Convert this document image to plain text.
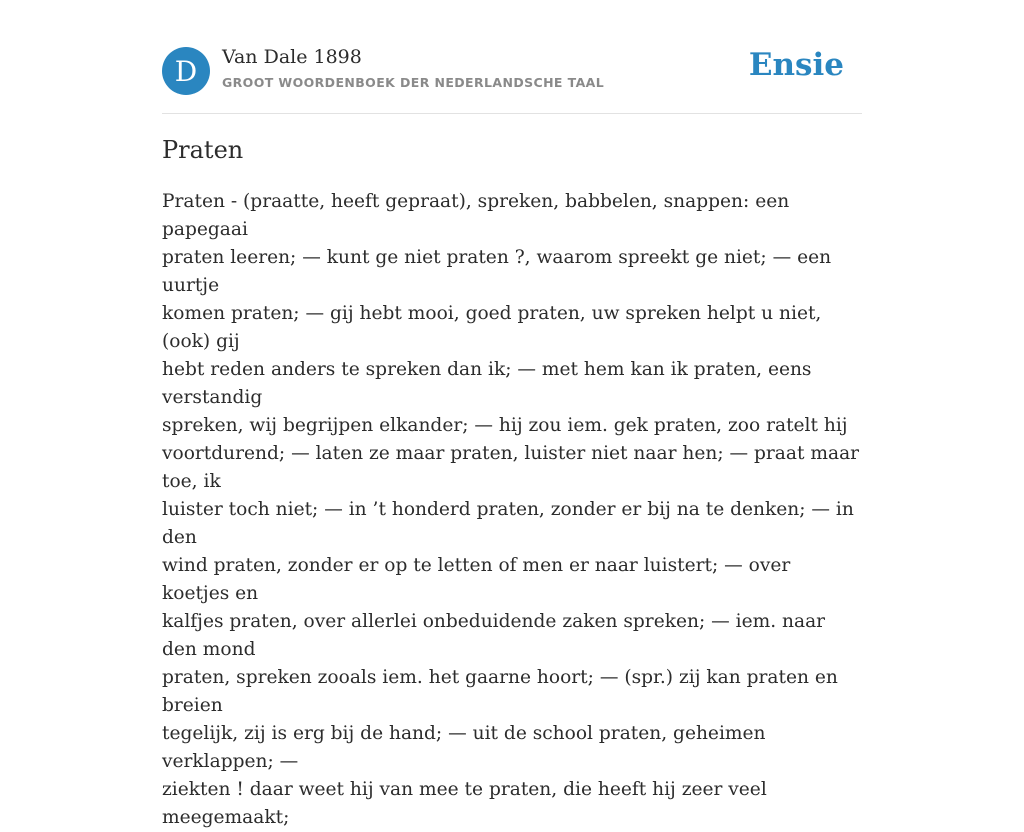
D	Van Dale 1898
GROOT WOORDENBOEK DER NEDERLANDSCHE TAAL	Ensie
Praten

Praten - (praatte, heeft gepraat), spreken, babbelen, snappen: een papegaai
praten leeren; — kunt ge niet praten ?, waarom spreekt ge niet; — een uurtje
komen praten; — gij hebt mooi, goed praten, uw spreken helpt u niet, (ook) gij
hebt reden anders te spreken dan ik; — met hem kan ik praten, eens verstandig
spreken, wij begrijpen elkander; — hij zou iem. gek praten, zoo ratelt hij
voortdurend; — laten ze maar praten, luister niet naar hen; — praat maar toe, ik
luister toch niet; — in ’t honderd praten, zonder er bij na te denken; — in den
wind praten, zonder er op te letten of men er naar luistert; — over koetjes en
kalfjes praten, over allerlei onbeduidende zaken spreken; — iem. naar den mond
praten, spreken zooals iem. het gaarne hoort; — (spr.) zij kan praten en breien
tegelijk, zij is erg bij de hand; — uit de school praten, geheimen verklappen; —
ziekten ! daar weet hij van mee te praten, die heeft hij zeer veel meegemaakt;
